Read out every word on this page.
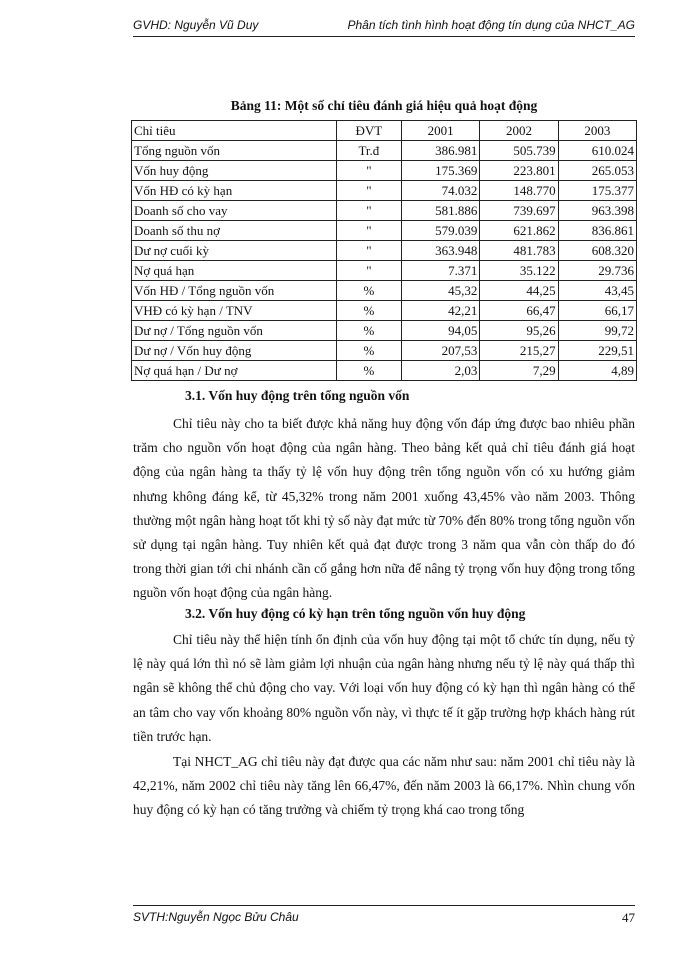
GVHD: Nguyễn Vũ Duy	Phân tích tình hình hoạt động tín dụng của NHCT_AG
Bảng 11: Một số chỉ tiêu đánh giá hiệu quả hoạt động
Chỉ tiêu	ĐVT	2001	2002	2003
Tổng nguồn vốn	Tr.đ	386.981	505.739	610.024
Vốn huy động	"	175.369	223.801	265.053
Vốn HĐ có kỳ hạn	"	74.032	148.770	175.377
Doanh số cho vay	"	581.886	739.697	963.398
Doanh số thu nợ	"	579.039	621.862	836.861
Dư nợ cuối kỳ	"	363.948	481.783	608.320
Nợ quá hạn	"	7.371	35.122	29.736
Vốn HĐ / Tổng nguồn vốn	%	45,32	44,25	43,45
VHĐ có kỳ hạn / TNV	%	42,21	66,47	66,17
Dư nợ / Tổng nguồn vốn	%	94,05	95,26	99,72
Dư nợ / Vốn huy động	%	207,53	215,27	229,51
Nợ quá hạn / Dư nợ	%	2,03	7,29	4,89
3.1. Vốn huy động trên tổng nguồn vốn

Chỉ tiêu này cho ta biết được khả năng huy động vốn đáp ứng được bao nhiêu phần trăm cho nguồn vốn hoạt động của ngân hàng. Theo bảng kết quả chỉ tiêu đánh giá hoạt động của ngân hàng ta thấy tỷ lệ vốn huy động trên tổng nguồn vốn có xu hướng giảm nhưng không đáng kể, từ 45,32% trong năm 2001 xuống 43,45% vào năm 2003. Thông thường một ngân hàng hoạt tốt khi tỷ số này đạt mức từ 70% đến 80% trong tổng nguồn vốn sử dụng tại ngân hàng. Tuy nhiên kết quả đạt được trong 3 năm qua vẫn còn thấp do đó trong thời gian tới chi nhánh cần cố gắng hơn nữa để nâng tỷ trọng vốn huy động trong tổng nguồn vốn hoạt động của ngân hàng.

3.2. Vốn huy động có kỳ hạn trên tổng nguồn vốn huy động

Chỉ tiêu này thể hiện tính ổn định của vốn huy động tại một tổ chức tín dụng, nếu tỷ lệ này quá lớn thì nó sẽ làm giảm lợi nhuận của ngân hàng nhưng nếu tỷ lệ này quá thấp thì ngân sẽ không thể chủ động cho vay. Với loại vốn huy động có kỳ hạn thì ngân hàng có thể an tâm cho vay vốn khoảng 80% nguồn vốn này, vì thực tế ít gặp trường hợp khách hàng rút tiền trước hạn.

Tại NHCT_AG chỉ tiêu này đạt được qua các năm như sau: năm 2001 chỉ tiêu này là 42,21%, năm 2002 chỉ tiêu này tăng lên 66,47%, đến năm 2003 là 66,17%. Nhìn chung vốn huy động có kỳ hạn có tăng trưởng và chiếm tỷ trọng khá cao trong tổng

SVTH:Nguyễn Ngọc Bửu Châu	47
